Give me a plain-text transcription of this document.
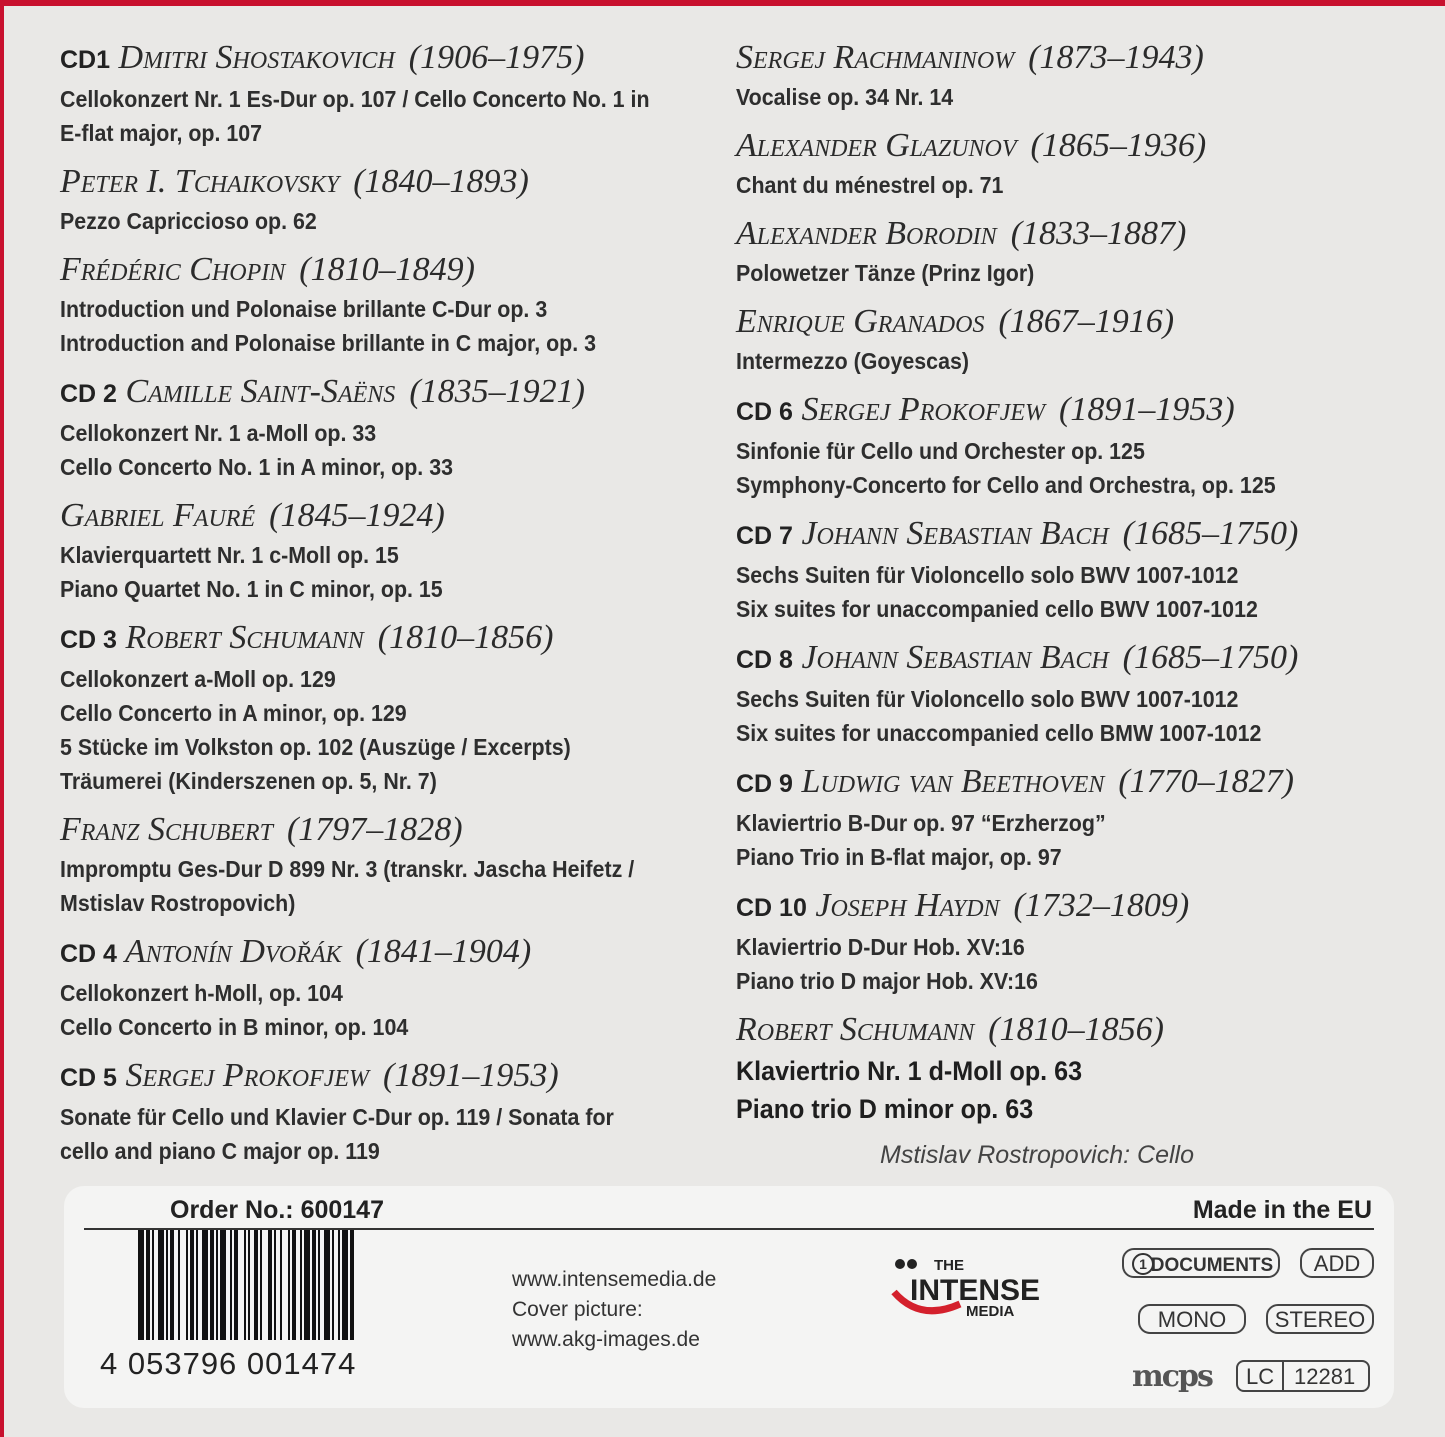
CD1 Dmitri Shostakovich (1906–1975)
Cellokonzert Nr. 1 Es-Dur op. 107 / Cello Concerto No. 1 in
E-flat major, op. 107
Peter I. Tchaikovsky (1840–1893)
Pezzo Capriccioso op. 62
Frédéric Chopin (1810–1849)
Introduction und Polonaise brillante C-Dur op. 3
Introduction and Polonaise brillante in C major, op. 3
CD 2 Camille Saint-Saëns (1835–1921)
Cellokonzert Nr. 1 a-Moll op. 33
Cello Concerto No. 1 in A minor, op. 33
Gabriel Fauré (1845–1924)
Klavierquartett Nr. 1 c-Moll op. 15
Piano Quartet No. 1 in C minor, op. 15
CD 3 Robert Schumann (1810–1856)
Cellokonzert a-Moll op. 129
Cello Concerto in A minor, op. 129
5 Stücke im Volkston op. 102 (Auszüge / Excerpts)
Träumerei (Kinderszenen op. 5, Nr. 7)
Franz Schubert (1797–1828)
Impromptu Ges-Dur D 899 Nr. 3 (transkr. Jascha Heifetz /
Mstislav Rostropovich)
CD 4 Antonín Dvořák (1841–1904)
Cellokonzert h-Moll, op. 104
Cello Concerto in B minor, op. 104
CD 5 Sergej Prokofjew (1891–1953)
Sonate für Cello und Klavier C-Dur op. 119 / Sonata for
cello and piano C major op. 119
Sergej Rachmaninow (1873–1943)
Vocalise op. 34 Nr. 14
Alexander Glazunov (1865–1936)
Chant du ménestrel op. 71
Alexander Borodin (1833–1887)
Polowetzer Tänze (Prinz Igor)
Enrique Granados (1867–1916)
Intermezzo (Goyescas)
CD 6 Sergej Prokofjew (1891–1953)
Sinfonie für Cello und Orchester op. 125
Symphony-Concerto for Cello and Orchestra, op. 125
CD 7 Johann Sebastian Bach (1685–1750)
Sechs Suiten für Violoncello solo BWV 1007-1012
Six suites for unaccompanied cello BWV 1007-1012
CD 8 Johann Sebastian Bach (1685–1750)
Sechs Suiten für Violoncello solo BWV 1007-1012
Six suites for unaccompanied cello BMW 1007-1012
CD 9 Ludwig van Beethoven (1770–1827)
Klaviertrio B-Dur op. 97 “Erzherzog”
Piano Trio in B-flat major, op. 97
CD 10 Joseph Haydn (1732–1809)
Klaviertrio D-Dur Hob. XV:16
Piano trio D major Hob. XV:16
Robert Schumann (1810–1856)
Klaviertrio Nr. 1 d-Moll op. 63
Piano trio D minor op. 63
Mstislav Rostropovich: Cello
Order No.: 600147	Made in the EU
4 053796 001474
www.intensemedia.de
Cover picture:
www.akg-images.de
THE
INTENSE
MEDIA
1 DOCUMENTS	ADD
MONO	STEREO
mcps LC 12281
